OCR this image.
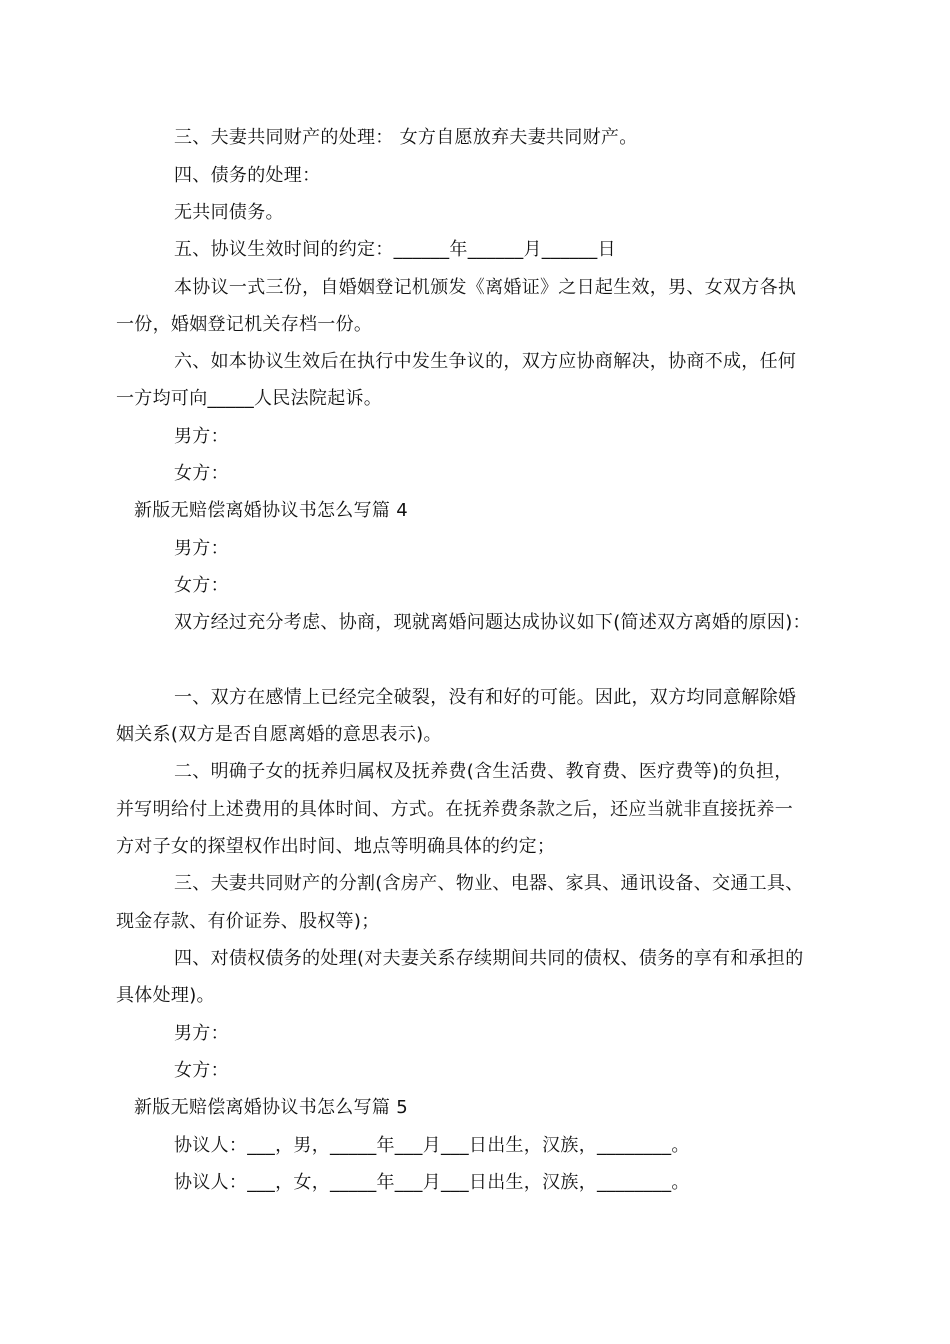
三、夫妻共同财产的处理： 女方自愿放弃夫妻共同财产。
四、债务的处理：
无共同债务。
五、协议生效时间的约定：______年______月______日
本协议一式三份，自婚姻登记机颁发《离婚证》之日起生效，男、女双方各执
一份，婚姻登记机关存档一份。
六、如本协议生效后在执行中发生争议的，双方应协商解决，协商不成，任何
一方均可向_____人民法院起诉。
男方：
女方：
新版无赔偿离婚协议书怎么写篇 4
男方：
女方：
双方经过充分考虑、协商，现就离婚问题达成协议如下(简述双方离婚的原因)：
一、双方在感情上已经完全破裂，没有和好的可能。因此，双方均同意解除婚
姻关系(双方是否自愿离婚的意思表示)。
二、明确子女的抚养归属权及抚养费(含生活费、教育费、医疗费等)的负担，
并写明给付上述费用的具体时间、方式。在抚养费条款之后，还应当就非直接抚养一
方对子女的探望权作出时间、地点等明确具体的约定；
三、夫妻共同财产的分割(含房产、物业、电器、家具、通讯设备、交通工具、
现金存款、有价证券、股权等)；
四、对债权债务的处理(对夫妻关系存续期间共同的债权、债务的享有和承担的
具体处理)。
男方：
女方：
新版无赔偿离婚协议书怎么写篇 5
协议人：___，男，_____年___月___日出生，汉族，________。
协议人：___，女，_____年___月___日出生，汉族，________。
